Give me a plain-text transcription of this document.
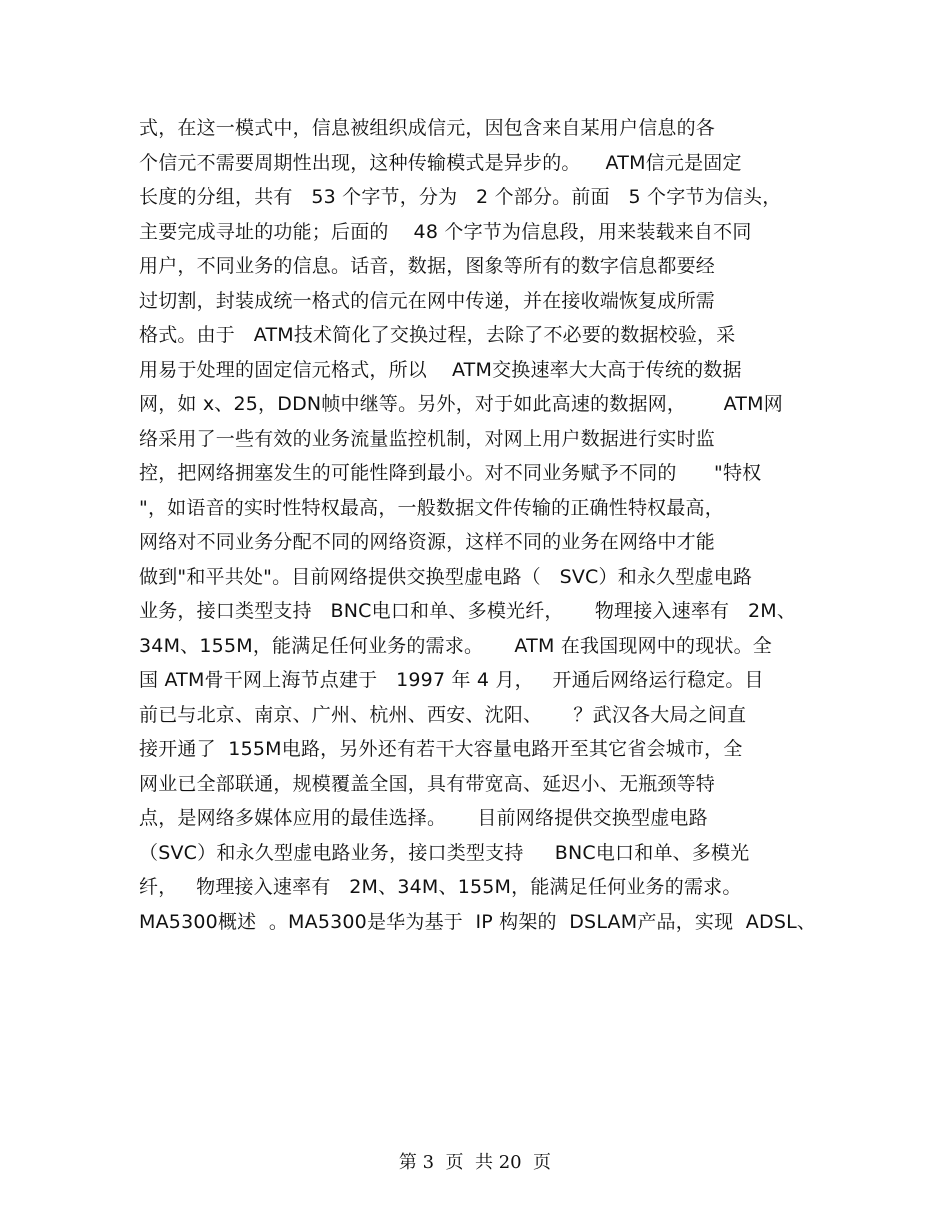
式，在这一模式中，信息被组织成信元，因包含来自某用户信息的各
个信元不需要周期性出现，这种传输模式是异步的。    ATM信元是固定
长度的分组，共有   53 个字节，分为   2 个部分。前面   5 个字节为信头，
主要完成寻址的功能；后面的    48 个字节为信息段，用来装载来自不同
用户，不同业务的信息。话音，数据，图象等所有的数字信息都要经
过切割，封装成统一格式的信元在网中传递，并在接收端恢复成所需
格式。由于   ATM技术简化了交换过程，去除了不必要的数据校验，采
用易于处理的固定信元格式，所以    ATM交换速率大大高于传统的数据
网，如 x、25，DDN帧中继等。另外，对于如此高速的数据网，      ATM网
络采用了一些有效的业务流量监控机制，对网上用户数据进行实时监
控，把网络拥塞发生的可能性降到最小。对不同业务赋予不同的      "特权
"，如语音的实时性特权最高，一般数据文件传输的正确性特权最高，
网络对不同业务分配不同的网络资源，这样不同的业务在网络中才能
做到"和平共处"。目前网络提供交换型虚电路（   SVC）和永久型虚电路
业务，接口类型支持   BNC电口和单、多模光纤，     物理接入速率有   2M、
34M、155M，能满足任何业务的需求。     ATM 在我国现网中的现状。全
国 ATM骨干网上海节点建于   1997 年 4 月，   开通后网络运行稳定。目
前已与北京、南京、广州、杭州、西安、沈阳、     ？武汉各大局之间直
接开通了  155M电路，另外还有若干大容量电路开至其它省会城市，全
网业已全部联通，规模覆盖全国，具有带宽高、延迟小、无瓶颈等特
点，是网络多媒体应用的最佳选择。     目前网络提供交换型虚电路
（SVC）和永久型虚电路业务，接口类型支持     BNC电口和单、多模光
纤，   物理接入速率有   2M、34M、155M，能满足任何业务的需求。
MA5300概述  。MA5300是华为基于  IP 构架的  DSLAM产品，实现  ADSL、
第 3  页  共 20  页
